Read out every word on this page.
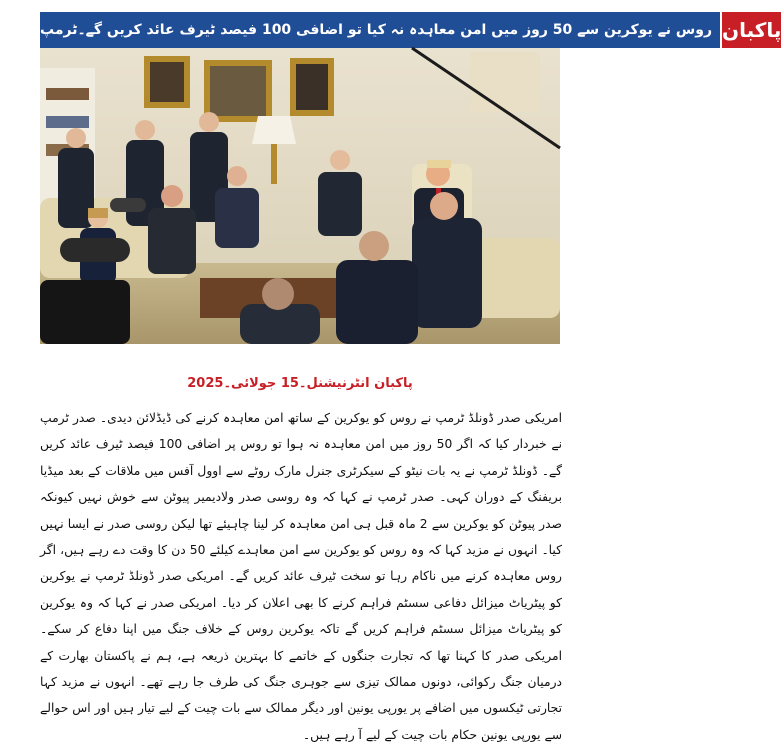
روس نے یوکرین سے 50 روز میں امن معاہدہ نہ کیا تو اضافی 100 فیصد ٹیرف عائد کریں گے۔ٹرمپ پاکبان
پاکبان انٹرنیشنل۔15 جولائی۔2025
امریکی صدر ڈونلڈ ٹرمپ نے روس کو یوکرین کے ساتھ امن معاہدہ کرنے کی ڈیڈلائن دیدی۔ صدر ٹرمپ نے خبردار کیا کہ اگر 50 روز میں امن معاہدہ نہ ہوا تو روس پر اضافی 100 فیصد ٹیرف عائد کریں گے۔ ڈونلڈ ٹرمپ نے یہ بات نیٹو کے سیکرٹری جنرل مارک روٹے سے اوول آفس میں ملاقات کے بعد میڈیا بریفنگ کے دوران کہی۔ صدر ٹرمپ نے کہا کہ وہ روسی صدر ولادیمیر پیوٹن سے خوش نہیں کیونکہ صدر پیوٹن کو یوکرین سے 2 ماہ قبل ہی امن معاہدہ کر لینا چاہیئے تھا لیکن روسی صدر نے ایسا نہیں کیا۔ انہوں نے مزید کہا کہ وہ روس کو یوکرین سے امن معاہدے کیلئے 50 دن کا وقت دے رہے ہیں، اگر روس معاہدہ کرنے میں ناکام رہا تو سخت ٹیرف عائد کریں گے۔ امریکی صدر ڈونلڈ ٹرمپ نے یوکرین کو پیٹریاٹ میزائل دفاعی سسٹم فراہم کرنے کا بھی اعلان کر دیا۔ امریکی صدر نے کہا کہ وہ یوکرین کو پیٹریاٹ میزائل سسٹم فراہم کریں گے تاکہ یوکرین روس کے خلاف جنگ میں اپنا دفاع کر سکے۔ امریکی صدر کا کہنا تھا کہ تجارت جنگوں کے خاتمے کا بہترین ذریعہ ہے، ہم نے پاکستان بھارت کے درمیان جنگ رکوائی، دونوں ممالک تیزی سے جوہری جنگ کی طرف جا رہے تھے۔ انہوں نے مزید کہا تجارتی ٹیکسوں میں اضافے پر یورپی یونین اور دیگر ممالک سے بات چیت کے لیے تیار ہیں اور اس حوالے سے یورپی یونین حکام بات چیت کے لیے آ رہے ہیں۔
